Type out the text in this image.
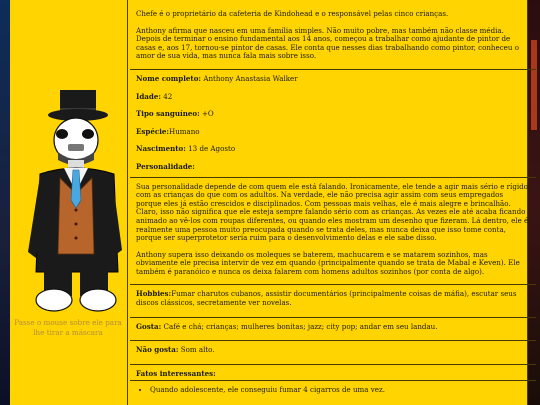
Passe o mouse sobre ele para lhe tirar a máscara

Chefe é o proprietário da cafeteria de Kindohead e o responsável pelas cinco crianças.

Anthony afirma que nasceu em uma família simples. Não muito pobre, mas também não classe média. Depois de terminar o ensino fundamental aos 14 anos, começou a trabalhar como ajudante de pintor de casas e, aos 17, tornou-se pintor de casas. Ele conta que nesses dias trabalhando como pintor, conheceu o amor de sua vida, mas nunca fala mais sobre isso.

Nome completo: Anthony Anastasia Walker
Idade: 42
Tipo sanguíneo: +O
Espécie:Humano
Nascimento: 13 de Agosto
Personalidade:

Sua personalidade depende de com quem ele está falando. Ironicamente, ele tende a agir mais sério e rígido com as crianças do que com os adultos. Na verdade, ele não precisa agir assim com seus empregados porque eles já estão crescidos e disciplinados. Com pessoas mais velhas, ele é mais alegre e brincalhão. Claro, isso não significa que ele esteja sempre falando sério com as crianças. As vezes ele até acaba ficando animado ao vê-los com roupas diferentes, ou quando eles mostram um desenho que fizeram. Lá dentro, ele é realmente uma pessoa muito preocupada quando se trata deles, mas nunca deixa que isso tome conta, porque ser superprotetor seria ruim para o desenvolvimento delas e ele sabe disso.

Anthony supera isso deixando os moleques se baterem, machucarem e se matarem sozinhos, mas obviamente ele precisa intervir de vez em quando (principalmente quando se trata de Mabal e Keven). Ele também é paranóico e nunca os deixa falarem com homens adultos sozinhos (por conta de algo).

Hobbies:Fumar charutos cubanos, assistir documentários (principalmente coisas de máfia), escutar seus discos clássicos, secretamente ver novelas.
Gosta: Café e chá; crianças; mulheres bonitas; jazz; city pop; andar em seu landau.
Não gosta: Som alto.
Fatos interessantes:
• Quando adolescente, ele conseguiu fumar 4 cigarros de uma vez.
